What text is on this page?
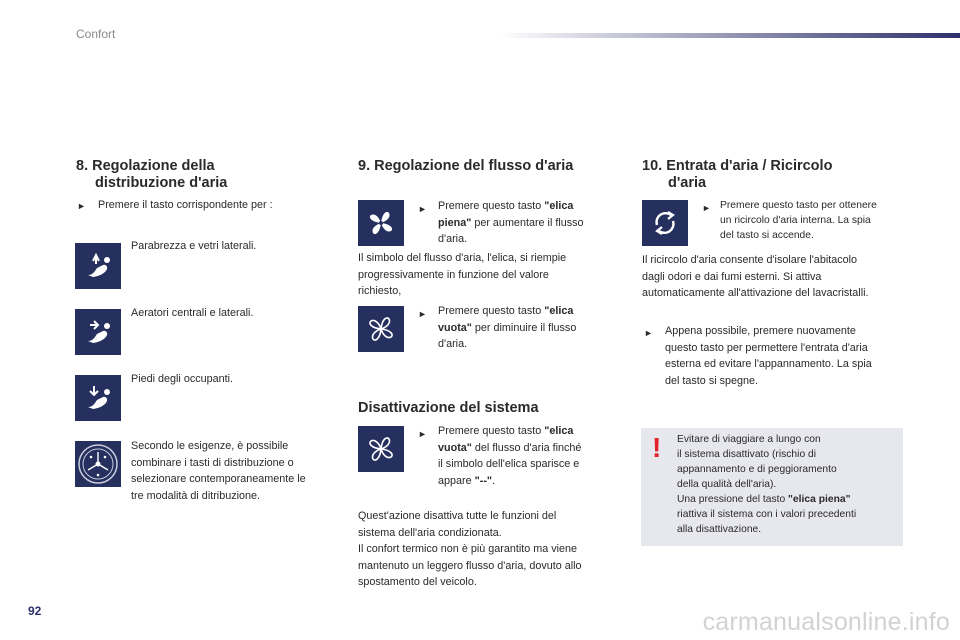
Confort
8. Regolazione della
distribuzione d'aria
► Premere il tasto corrispondente per :
Parabrezza e vetri laterali.
Aeratori centrali e laterali.
Piedi degli occupanti.
Secondo le esigenze, è possibile
combinare i tasti di distribuzione o
selezionare contemporaneamente le
tre modalità di ditribuzione.
9. Regolazione del flusso d'aria
► Premere questo tasto "elica
piena" per aumentare il flusso
d'aria.
Il simbolo del flusso d'aria, l'elica, si riempie
progressivamente in funzione del valore
richiesto,
► Premere questo tasto "elica
vuota" per diminuire il flusso
d'aria.
Disattivazione del sistema
► Premere questo tasto "elica
vuota" del flusso d'aria finché
il simbolo dell'elica sparisce e
appare "--".
Quest'azione disattiva tutte le funzioni del
sistema dell'aria condizionata.
Il confort termico non è più garantito ma viene
mantenuto un leggero flusso d'aria, dovuto allo
spostamento del veicolo.
10. Entrata d'aria / Ricircolo
d'aria
► Premere questo tasto per ottenere
un ricircolo d'aria interna. La spia
del tasto si accende.
Il ricircolo d'aria consente d'isolare l'abitacolo
dagli odori e dai fumi esterni. Si attiva
automaticamente all'attivazione del lavacristalli.
► Appena possibile, premere nuovamente
questo tasto per permettere l'entrata d'aria
esterna ed evitare l'appannamento. La spia
del tasto si spegne.
! Evitare di viaggiare a lungo con
il sistema disattivato (rischio di
appannamento e di peggioramento
della qualità dell'aria).
Una pressione del tasto "elica piena"
riattiva il sistema con i valori precedenti
alla disattivazione.
92	carmanualsonline.info
